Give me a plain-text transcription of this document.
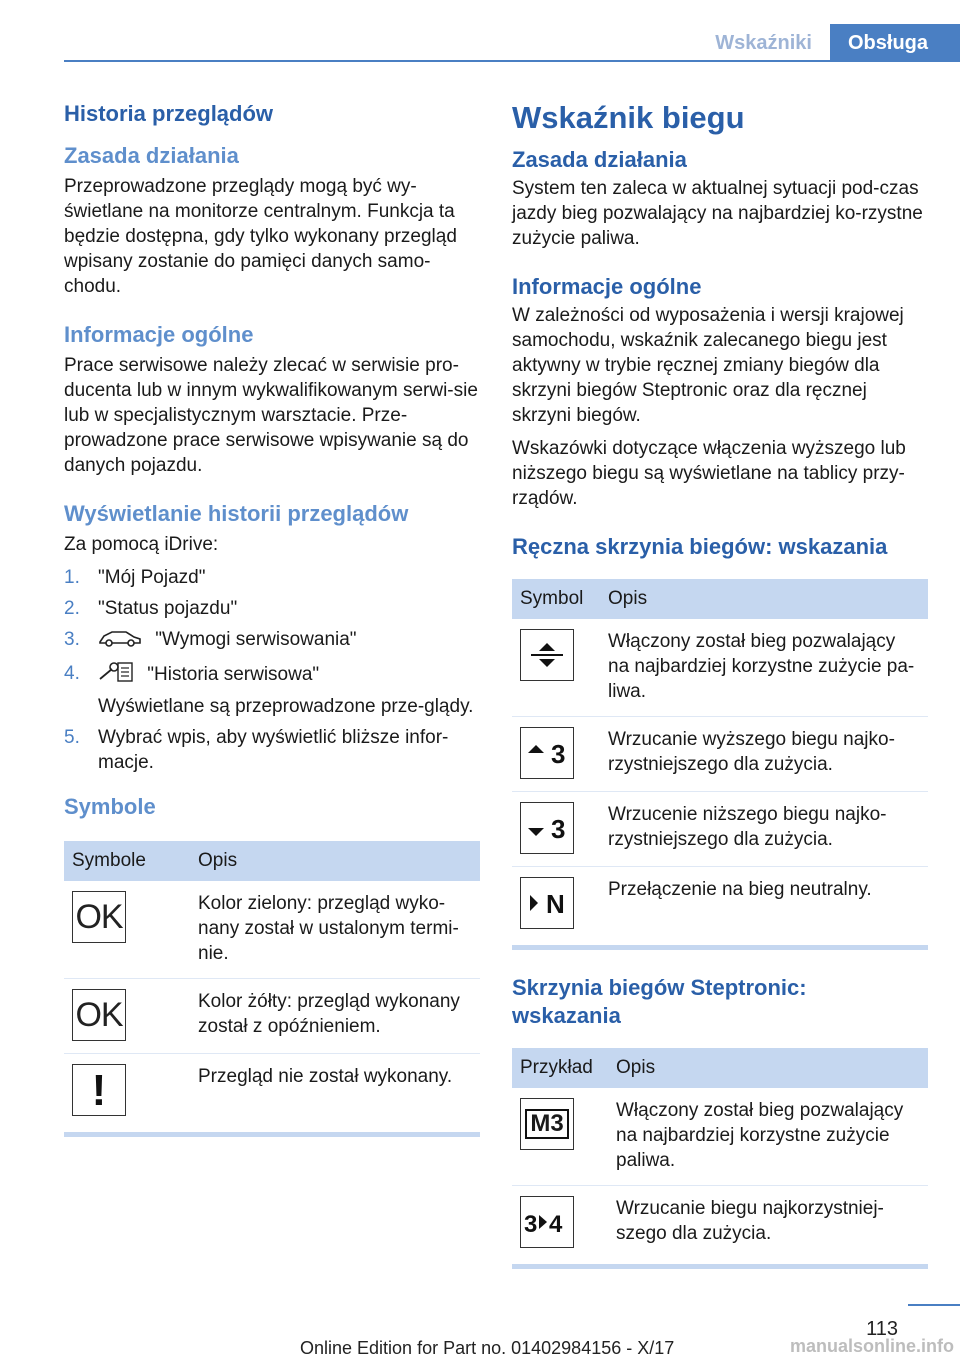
Wskaźniki	Obsługa
Historia przeglądów
Zasada działania

Przeprowadzone przeglądy mogą być wy-świetlane na monitorze centralnym. Funkcja ta będzie dostępna, gdy tylko wykonany przegląd wpisany zostanie do pamięci danych samo-chodu.

Informacje ogólne

Prace serwisowe należy zlecać w serwisie pro-ducenta lub w innym wykwalifikowanym serwi-sie lub w specjalistycznym warsztacie. Prze-prowadzone prace serwisowe wpisywanie są do danych pojazdu.

Wyświetlanie historii przeglądów

Za pomocą iDrive:

1. "Mój Pojazd"
2. "Status pojazdu"
3.	"Wymogi serwisowania"
4.	"Historia serwisowa"
Wyświetlane są przeprowadzone prze-glądy.
5. Wybrać wpis, aby wyświetlić bliższe infor-macje.
Symbole
Symbole	Opis

OK	Kolor zielony: przegląd wyko-nany został w ustalonym termi-nie.

OK	Kolor żółty: przegląd wykonany został z opóźnieniem.

!	Przegląd nie został wykonany.
Wskaźnik biegu
Zasada działania

System ten zaleca w aktualnej sytuacji pod-czas jazdy bieg pozwalający na najbardziej ko-rzystne zużycie paliwa.

Informacje ogólne

W zależności od wyposażenia i wersji krajowej samochodu, wskaźnik zalecanego biegu jest aktywny w trybie ręcznej zmiany biegów dla skrzyni biegów Steptronic oraz dla ręcznej skrzyni biegów.

Wskazówki dotyczące włączenia wyższego lub niższego biegu są wyświetlane na tablicy przy-rządów.

Ręczna skrzynia biegów: wskazania
Symbol	Opis

	Włączony został bieg pozwalający na najbardziej korzystne zużycie pa-liwa.

3	Wrzucanie wyższego biegu najko-rzystniejszego dla zużycia.

3	Wrzucenie niższego biegu najko-rzystniejszego dla zużycia.

N	Przełączenie na bieg neutralny.
Skrzynia biegów Steptronic: wskazania
Przykład	Opis

M3	Włączony został bieg pozwalający na najbardziej korzystne zużycie paliwa.

3 4	Wrzucanie biegu najkorzystniej-szego dla zużycia.
113
Online Edition for Part no. 01402984156 - X/17	manualsonline.info
